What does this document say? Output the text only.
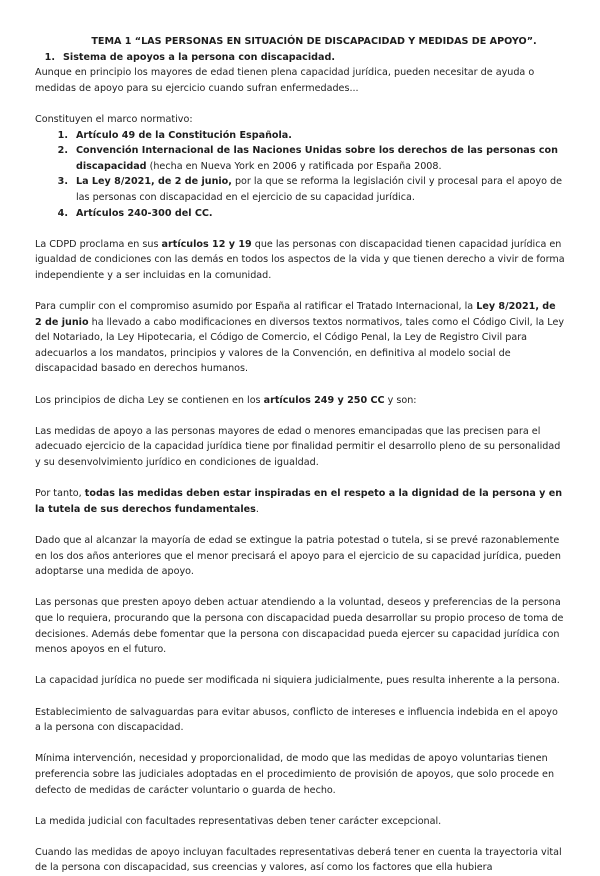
TEMA 1 “LAS PERSONAS EN SITUACIÓN DE DISCAPACIDAD Y MEDIDAS DE APOYO”.

1. Sistema de apoyos a la persona con discapacidad.

Aunque en principio los mayores de edad tienen plena capacidad jurídica, pueden necesitar de ayuda o medidas de apoyo para su ejercicio cuando sufran enfermedades...

Constituyen el marco normativo:

1. Artículo 49 de la Constitución Española.
2. Convención Internacional de las Naciones Unidas sobre los derechos de las personas con discapacidad (hecha en Nueva York en 2006 y ratificada por España 2008.
3. La Ley 8/2021, de 2 de junio, por la que se reforma la legislación civil y procesal para el apoyo de las personas con discapacidad en el ejercicio de su capacidad jurídica.
4. Artículos 240-300 del CC.

La CDPD proclama en sus artículos 12 y 19 que las personas con discapacidad tienen capacidad jurídica en igualdad de condiciones con las demás en todos los aspectos de la vida y que tienen derecho a vivir de forma independiente y a ser incluidas en la comunidad.

Para cumplir con el compromiso asumido por España al ratificar el Tratado Internacional, la Ley 8/2021, de 2 de junio ha llevado a cabo modificaciones en diversos textos normativos, tales como el Código Civil, la Ley del Notariado, la Ley Hipotecaria, el Código de Comercio, el Código Penal, la Ley de Registro Civil para adecuarlos a los mandatos, principios y valores de la Convención, en definitiva al modelo social de discapacidad basado en derechos humanos.

Los principios de dicha Ley se contienen en los artículos 249 y 250 CC y son:

Las medidas de apoyo a las personas mayores de edad o menores emancipadas que las precisen para el adecuado ejercicio de la capacidad jurídica tiene por finalidad permitir el desarrollo pleno de su personalidad y su desenvolvimiento jurídico en condiciones de igualdad.

Por tanto, todas las medidas deben estar inspiradas en el respeto a la dignidad de la persona y en la tutela de sus derechos fundamentales.

Dado que al alcanzar la mayoría de edad se extingue la patria potestad o tutela, si se prevé razonablemente en los dos años anteriores que el menor precisará el apoyo para el ejercicio de su capacidad jurídica, pueden adoptarse una medida de apoyo.

Las personas que presten apoyo deben actuar atendiendo a la voluntad, deseos y preferencias de la persona que lo requiera, procurando que la persona con discapacidad pueda desarrollar su propio proceso de toma de decisiones. Además debe fomentar que la persona con discapacidad pueda ejercer su capacidad jurídica con menos apoyos en el futuro.

La capacidad jurídica no puede ser modificada ni siquiera judicialmente, pues resulta inherente a la persona.

Establecimiento de salvaguardas para evitar abusos, conflicto de intereses e influencia indebida en el apoyo a la persona con discapacidad.

Mínima intervención, necesidad y proporcionalidad, de modo que las medidas de apoyo voluntarias tienen preferencia sobre las judiciales adoptadas en el procedimiento de provisión de apoyos, que solo procede en defecto de medidas de carácter voluntario o guarda de hecho.

La medida judicial con facultades representativas deben tener carácter excepcional.

Cuando las medidas de apoyo incluyan facultades representativas deberá tener en cuenta la trayectoria vital de la persona con discapacidad, sus creencias y valores, así como los factores que ella hubiera
